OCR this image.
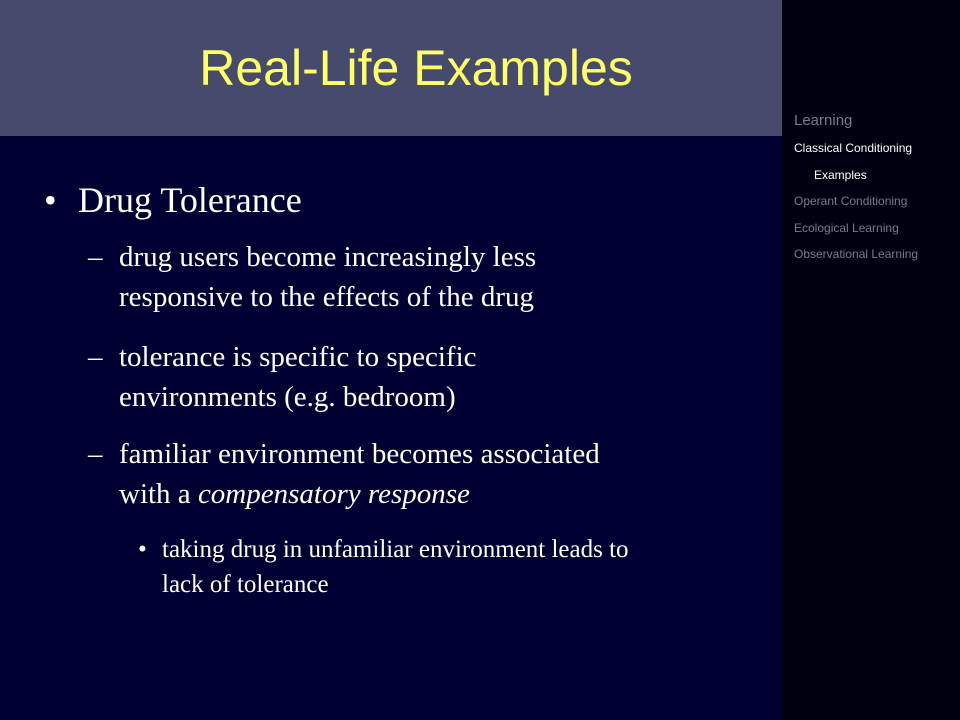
Real-Life Examples
Learning
Classical Conditioning
Examples
Operant Conditioning
Ecological Learning
Observational Learning
• Drug Tolerance
– drug users become increasingly less
responsive to the effects of the drug
– tolerance is specific to specific
environments (e.g. bedroom)
– familiar environment becomes associated
with a compensatory response
• taking drug in unfamiliar environment leads to
lack of tolerance
